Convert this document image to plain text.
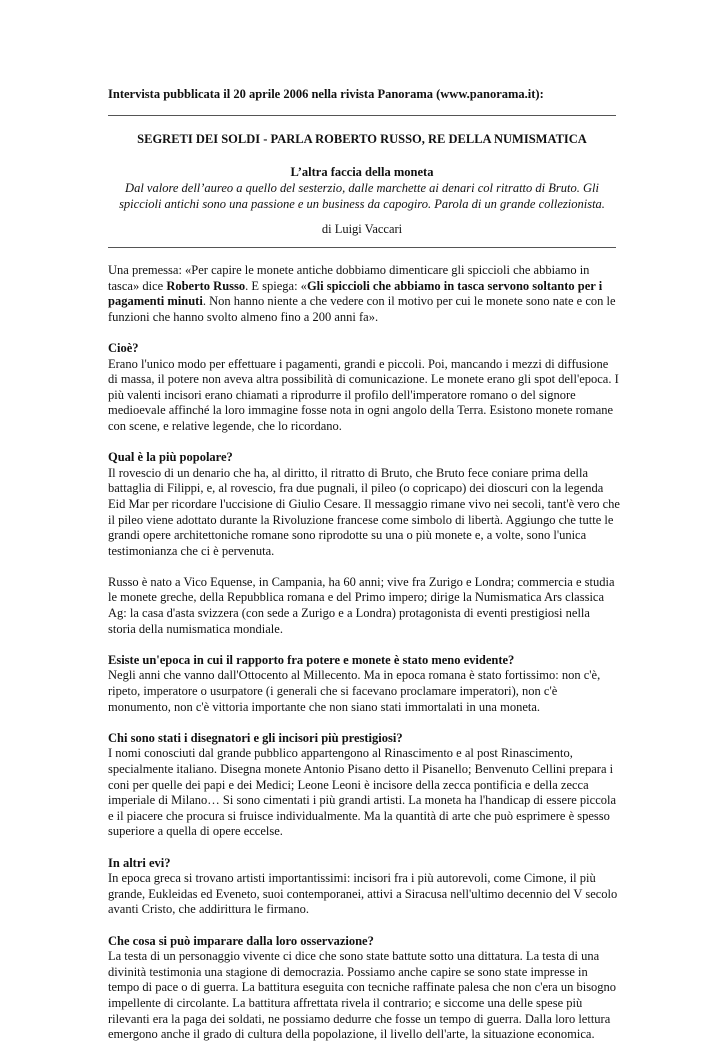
Intervista pubblicata il 20 aprile 2006 nella rivista Panorama (www.panorama.it):
SEGRETI DEI SOLDI - PARLA ROBERTO RUSSO, RE DELLA NUMISMATICA
L’altra faccia della moneta
Dal valore dell’aureo a quello del sesterzio, dalle marchette ai denari col ritratto di Bruto. Gli spiccioli antichi sono una passione e un business da capogiro. Parola di un grande collezionista.
di Luigi Vaccari

Una premessa: «Per capire le monete antiche dobbiamo dimenticare gli spiccioli che abbiamo in tasca» dice Roberto Russo. E spiega: «Gli spiccioli che abbiamo in tasca servono soltanto per i pagamenti minuti. Non hanno niente a che vedere con il motivo per cui le monete sono nate e con le funzioni che hanno svolto almeno fino a 200 anni fa».

Cioè?
Erano l'unico modo per effettuare i pagamenti, grandi e piccoli. Poi, mancando i mezzi di diffusione di massa, il potere non aveva altra possibilità di comunicazione. Le monete erano gli spot dell'epoca. I più valenti incisori erano chiamati a riprodurre il profilo dell'imperatore romano o del signore medioevale affinché la loro immagine fosse nota in ogni angolo della Terra. Esistono monete romane con scene, e relative legende, che lo ricordano.

Qual è la più popolare?
Il rovescio di un denario che ha, al diritto, il ritratto di Bruto, che Bruto fece coniare prima della battaglia di Filippi, e, al rovescio, fra due pugnali, il pileo (o copricapo) dei dioscuri con la legenda Eid Mar per ricordare l'uccisione di Giulio Cesare. Il messaggio rimane vivo nei secoli, tant'è vero che il pileo viene adottato durante la Rivoluzione francese come simbolo di libertà. Aggiungo che tutte le grandi opere architettoniche romane sono riprodotte su una o più monete e, a volte, sono l'unica testimonianza che ci è pervenuta.

Russo è nato a Vico Equense, in Campania, ha 60 anni; vive fra Zurigo e Londra; commercia e studia le monete greche, della Repubblica romana e del Primo impero; dirige la Numismatica Ars classica Ag: la casa d'asta svizzera (con sede a Zurigo e a Londra) protagonista di eventi prestigiosi nella storia della numismatica mondiale.

Esiste un'epoca in cui il rapporto fra potere e monete è stato meno evidente?
Negli anni che vanno dall'Ottocento al Millecento. Ma in epoca romana è stato fortissimo: non c'è, ripeto, imperatore o usurpatore (i generali che si facevano proclamare imperatori), non c'è monumento, non c'è vittoria importante che non siano stati immortalati in una moneta.

Chi sono stati i disegnatori e gli incisori più prestigiosi?
I nomi conosciuti dal grande pubblico appartengono al Rinascimento e al post Rinascimento, specialmente italiano. Disegna monete Antonio Pisano detto il Pisanello; Benvenuto Cellini prepara i coni per quelle dei papi e dei Medici; Leone Leoni è incisore della zecca pontificia e della zecca imperiale di Milano… Si sono cimentati i più grandi artisti. La moneta ha l'handicap di essere piccola e il piacere che procura si fruisce individualmente. Ma la quantità di arte che può esprimere è spesso superiore a quella di opere eccelse.

In altri evi?
In epoca greca si trovano artisti importantissimi: incisori fra i più autorevoli, come Cimone, il più grande, Eukleidas ed Eveneto, suoi contemporanei, attivi a Siracusa nell'ultimo decennio del V secolo avanti Cristo, che addirittura le firmano.

Che cosa si può imparare dalla loro osservazione?
La testa di un personaggio vivente ci dice che sono state battute sotto una dittatura. La testa di una divinità testimonia una stagione di democrazia. Possiamo anche capire se sono state impresse in tempo di pace o di guerra. La battitura eseguita con tecniche raffinate palesa che non c'era un bisogno impellente di circolante. La battitura affrettata rivela il contrario; e siccome una delle spese più rilevanti era la paga dei soldati, ne possiamo dedurre che fosse un tempo di guerra. Dalla loro lettura emergono anche il grado di cultura della popolazione, il livello dell'arte, la situazione economica.
